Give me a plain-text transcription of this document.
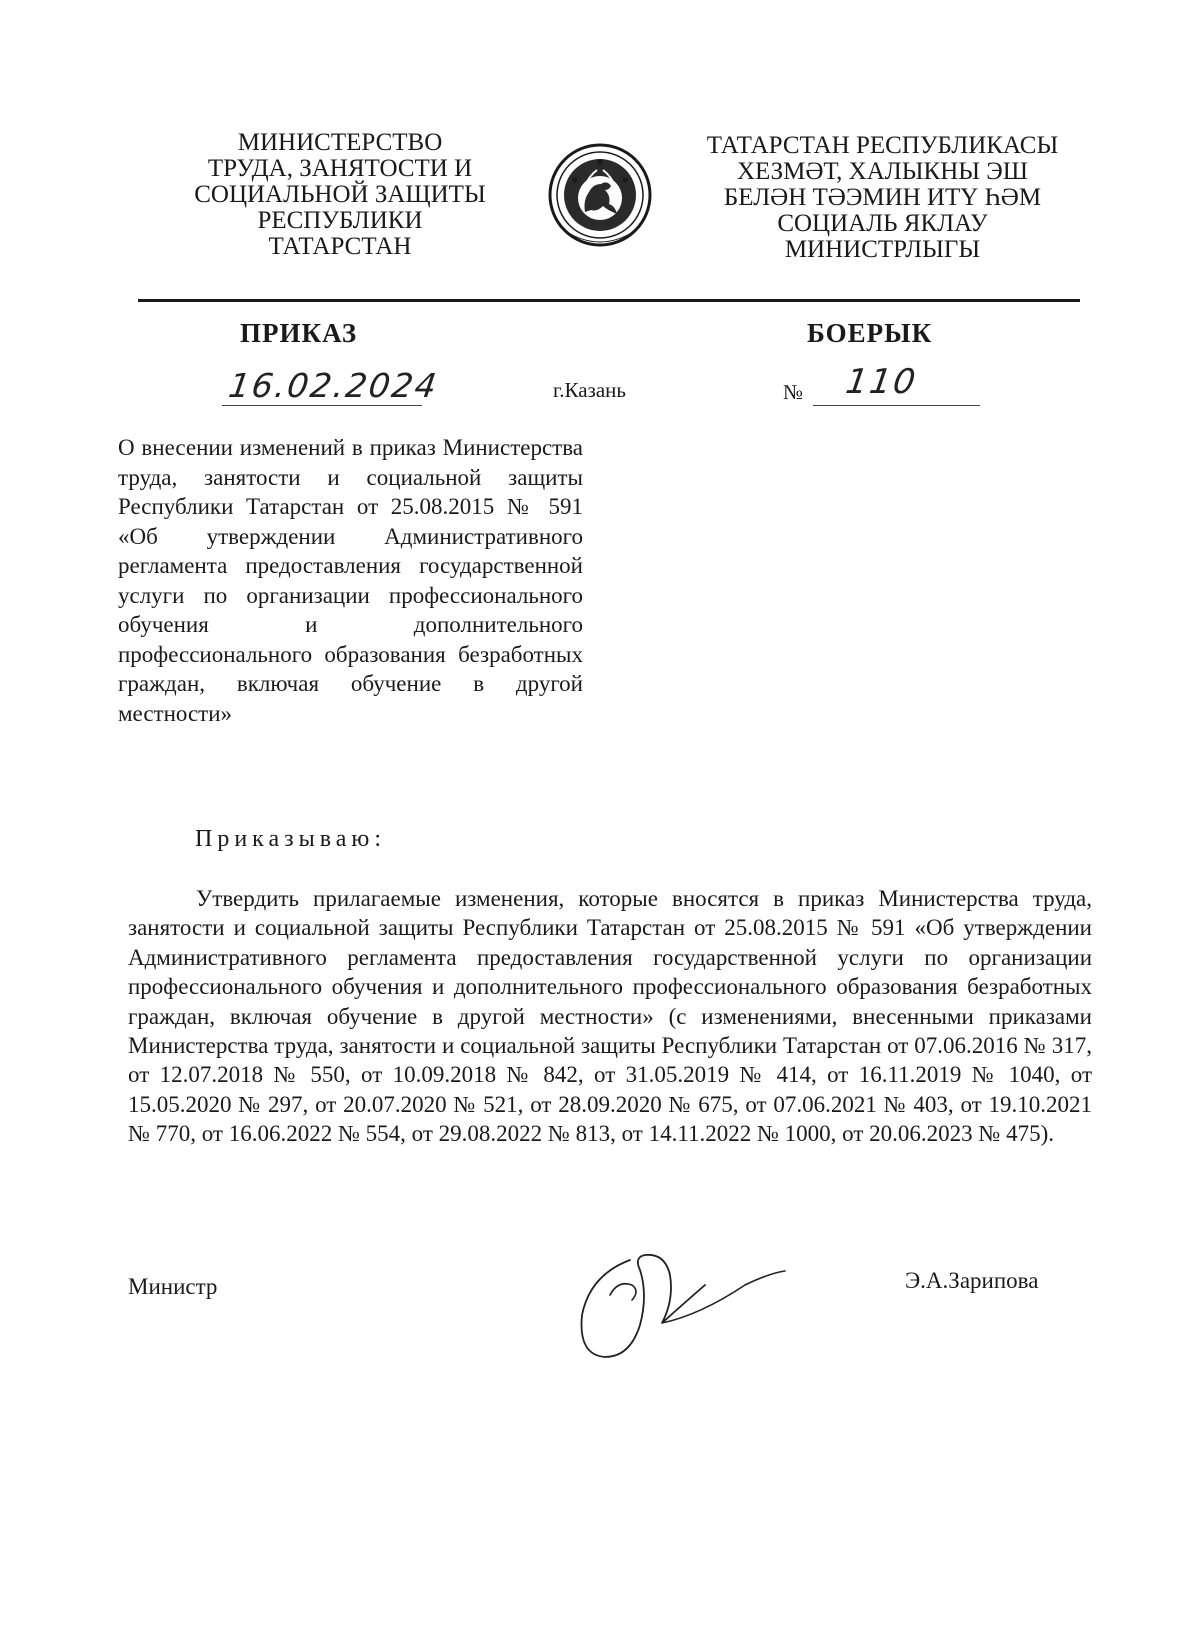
МИНИСТЕРСТВО
ТРУДА, ЗАНЯТОСТИ И
СОЦИАЛЬНОЙ ЗАЩИТЫ
РЕСПУБЛИКИ
ТАТАРСТАН
ТАТАРСТАН РЕСПУБЛИКАСЫ
ХЕЗМӘТ, ХАЛЫКНЫ ЭШ
БЕЛӘН ТӘЭМИН ИТҮ ҺӘМ
СОЦИАЛЬ ЯКЛАУ
МИНИСТРЛЫГЫ
ПРИКАЗ	БОЕРЫК
16.02.2024	г.Казань	№ 110
О внесении изменений в приказ Министерства труда, занятости и социальной защиты Республики Татарстан от 25.08.2015 № 591 «Об утверждении Административного регламента предоставления государственной услуги по организации профессионального обучения и дополнительного профессионального образования безработных граждан, включая обучение в другой местности»
Приказываю:
Утвердить прилагаемые изменения, которые вносятся в приказ Министерства труда, занятости и социальной защиты Республики Татарстан от 25.08.2015 № 591 «Об утверждении Административного регламента предоставления государственной услуги по организации профессионального обучения и дополнительного профессионального образования безработных граждан, включая обучение в другой местности» (с изменениями, внесенными приказами Министерства труда, занятости и социальной защиты Республики Татарстан от 07.06.2016 № 317, от 12.07.2018 № 550, от 10.09.2018 № 842, от 31.05.2019 № 414, от 16.11.2019 № 1040, от 15.05.2020 № 297, от 20.07.2020 № 521, от 28.09.2020 № 675, от 07.06.2021 № 403, от 19.10.2021 № 770, от 16.06.2022 № 554, от 29.08.2022 № 813, от 14.11.2022 № 1000, от 20.06.2023 № 475).
Министр	Э.А.Зарипова
